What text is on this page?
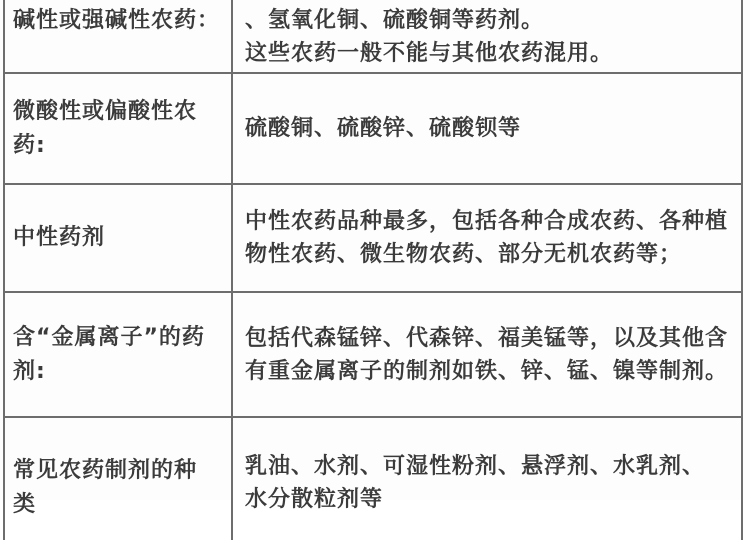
碱性或强碱性农药： 、氢氧化铜、硫酸铜等药剂。
这些农药一般不能与其他农药混用。
微酸性或偏酸性农
药:
硫酸铜、硫酸锌、硫酸钡等
中性药剂
中性农药品种最多，包括各种合成农药、各种植
物性农药、微生物农药、部分无机农药等；
含“金属离子”的药
剂:
包括代森锰锌、代森锌、福美锰等，以及其他含
有重金属离子的制剂如铁、锌、锰、镍等制剂。
常见农药制剂的种
类
乳油、水剂、可湿性粉剂、悬浮剂、水乳剂、
水分散粒剂等
